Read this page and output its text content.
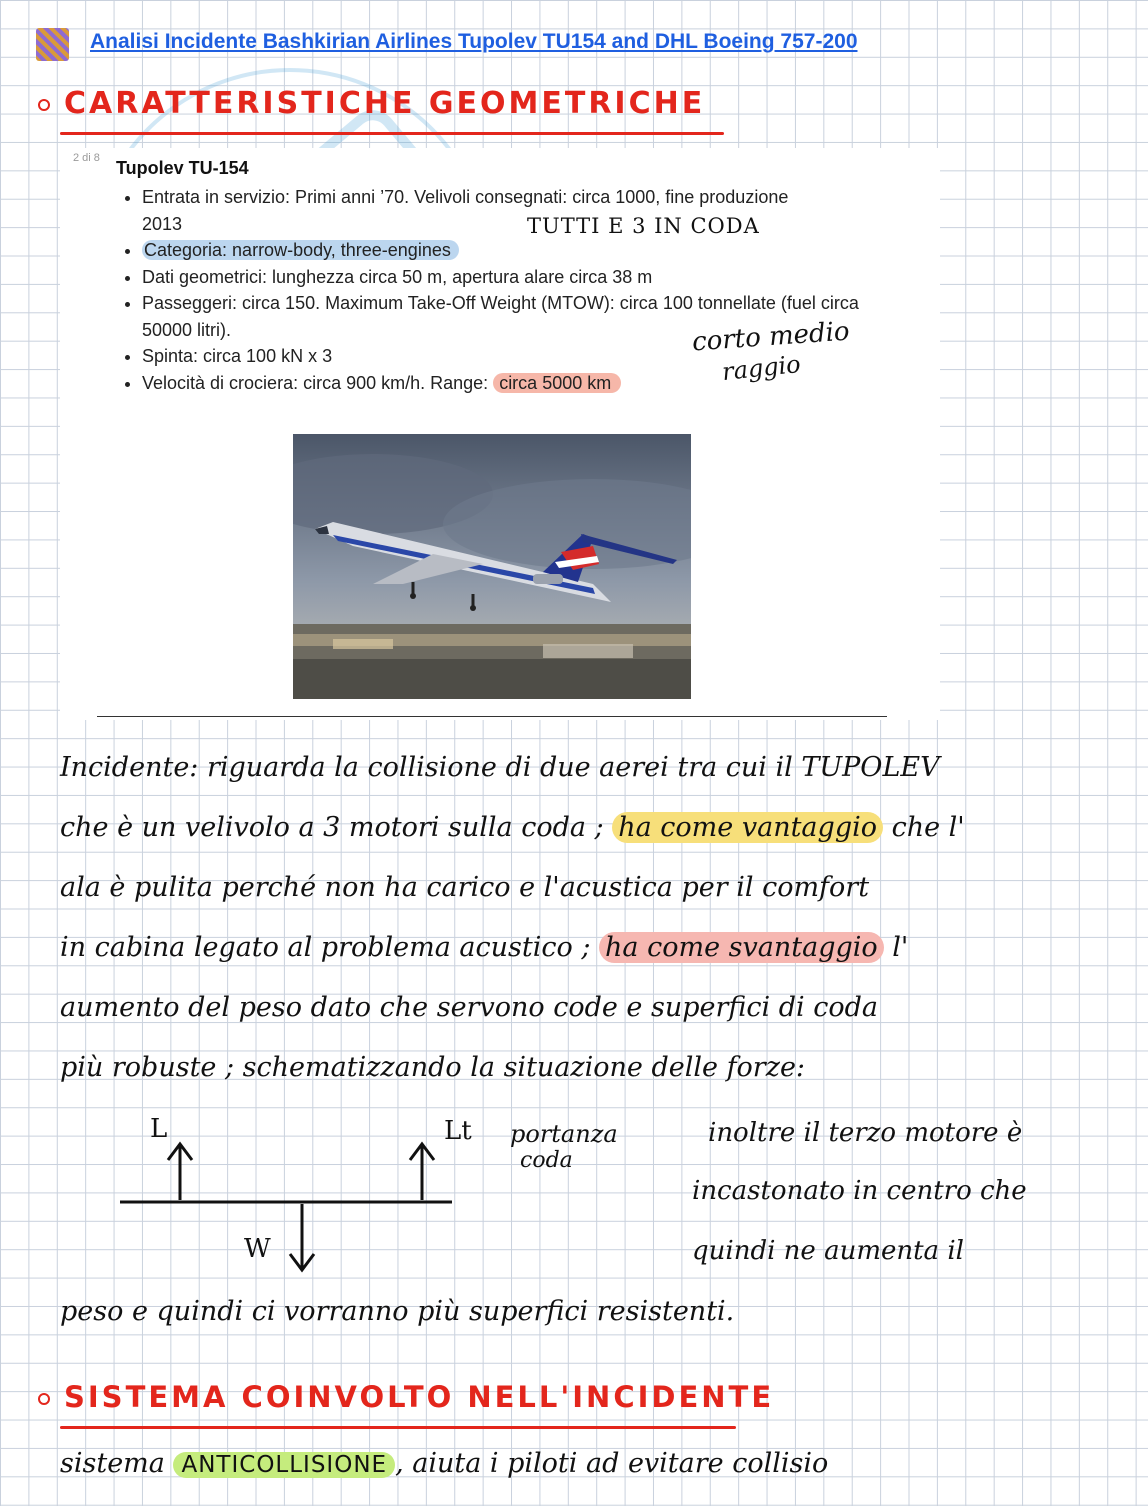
Analisi Incidente Bashkirian Airlines Tupolev TU154 and DHL Boeing 757-200
CARATTERISTICHE GEOMETRICHE
2 di 8 Tupolev TU-154
• Entrata in servizio: Primi anni ’70. Velivoli consegnati: circa 1000, fine produzione 2013
• Categoria: narrow-body, three-engines
• Dati geometrici: lunghezza circa 50 m, apertura alare circa 38 m
• Passeggeri: circa 150. Maximum Take-Off Weight (MTOW): circa 100 tonnellate (fuel circa 50000 litri).
• Spinta: circa 100 kN x 3
• Velocità di crociera: circa 900 km/h. Range: circa 5000 km
TUTTI E 3 IN CODA
corto medio
raggio
Incidente: riguarda la collisione di due aerei tra cui il TUPOLEV
che è un velivolo a 3 motori sulla coda ; ha come vantaggio che l'
ala è pulita perché non ha carico e l'acustica per il comfort
in cabina legato al problema acustico ; ha come svantaggio l'
aumento del peso dato che servono code e superfici di coda
più robuste ; schematizzando la situazione delle forze:
L	Lt
W
portanza
coda
inoltre il terzo motore è
incastonato in centro che
quindi ne aumenta il
peso e quindi ci vorranno più superfici resistenti.
SISTEMA COINVOLTO NELL'INCIDENTE
sistema ANTICOLLISIONE , aiuta i piloti ad evitare collisio
